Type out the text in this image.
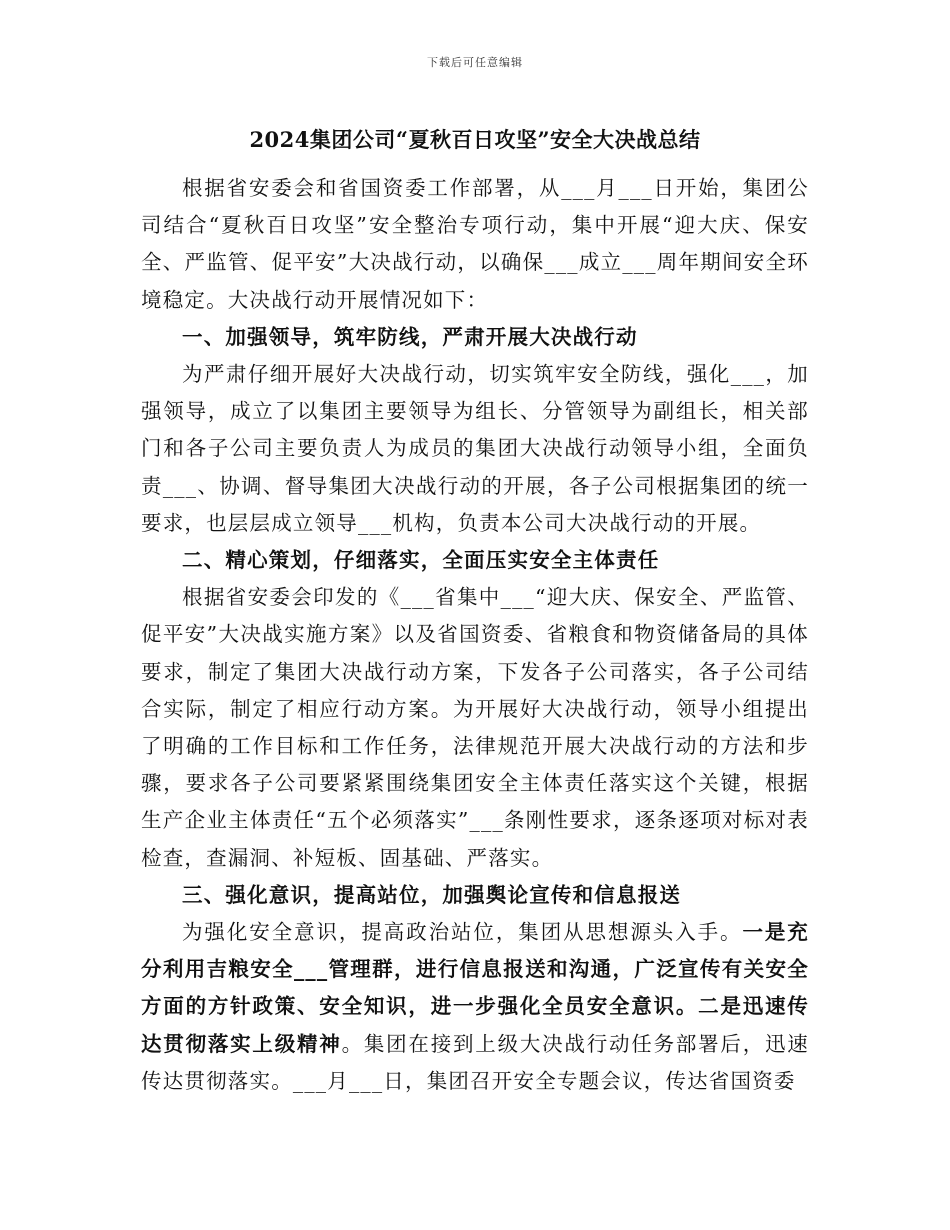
下载后可任意编辑
2024集团公司“夏秋百日攻坚”安全大决战总结

根据省安委会和省国资委工作部署，从___月___日开始，集团公司结合“夏秋百日攻坚”安全整治专项行动，集中开展“迎大庆、保安全、严监管、促平安”大决战行动，以确保___成立___周年期间安全环境稳定。大决战行动开展情况如下：

一、加强领导，筑牢防线，严肃开展大决战行动

为严肃仔细开展好大决战行动，切实筑牢安全防线，强化___，加强领导，成立了以集团主要领导为组长、分管领导为副组长，相关部门和各子公司主要负责人为成员的集团大决战行动领导小组，全面负责___、协调、督导集团大决战行动的开展，各子公司根据集团的统一要求，也层层成立领导___机构，负责本公司大决战行动的开展。

二、精心策划，仔细落实，全面压实安全主体责任

根据省安委会印发的《___省集中___“迎大庆、保安全、严监管、促平安”大决战实施方案》以及省国资委、省粮食和物资储备局的具体要求，制定了集团大决战行动方案，下发各子公司落实，各子公司结合实际，制定了相应行动方案。为开展好大决战行动，领导小组提出了明确的工作目标和工作任务，法律规范开展大决战行动的方法和步骤，要求各子公司要紧紧围绕集团安全主体责任落实这个关键，根据生产企业主体责任“五个必须落实”___条刚性要求，逐条逐项对标对表检查，查漏洞、补短板、固基础、严落实。

三、强化意识，提高站位，加强舆论宣传和信息报送

为强化安全意识，提高政治站位，集团从思想源头入手。一是充分利用吉粮安全___管理群，进行信息报送和沟通，广泛宣传有关安全方面的方针政策、安全知识，进一步强化全员安全意识。二是迅速传达贯彻落实上级精神。集团在接到上级大决战行动任务部署后，迅速传达贯彻落实。___月___日，集团召开安全专题会议，传达省国资委
